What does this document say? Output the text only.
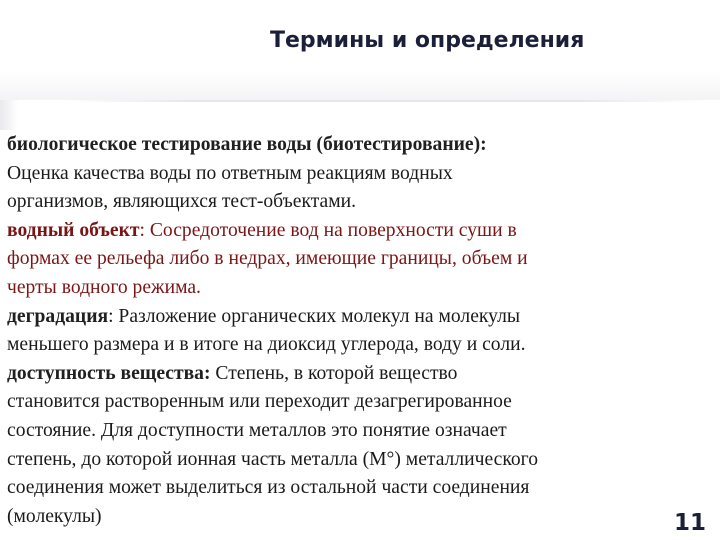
Термины и определения
биологическое тестирование воды (биотестирование):
Оценка качества воды по ответным реакциям водных
организмов, являющихся тест-объектами.
водный объект: Сосредоточение вод на поверхности суши в
формах ее рельефа либо в недрах, имеющие границы, объем и
черты водного режима.
деградация: Разложение органических молекул на молекулы
меньшего размера и в итоге на диоксид углерода, воду и соли.
доступность вещества: Степень, в которой вещество
становится растворенным или переходит дезагрегированное
состояние. Для доступности металлов это понятие означает
степень, до которой ионная часть металла (М°) металлического
соединения может выделиться из остальной части соединения
(молекулы)	11
